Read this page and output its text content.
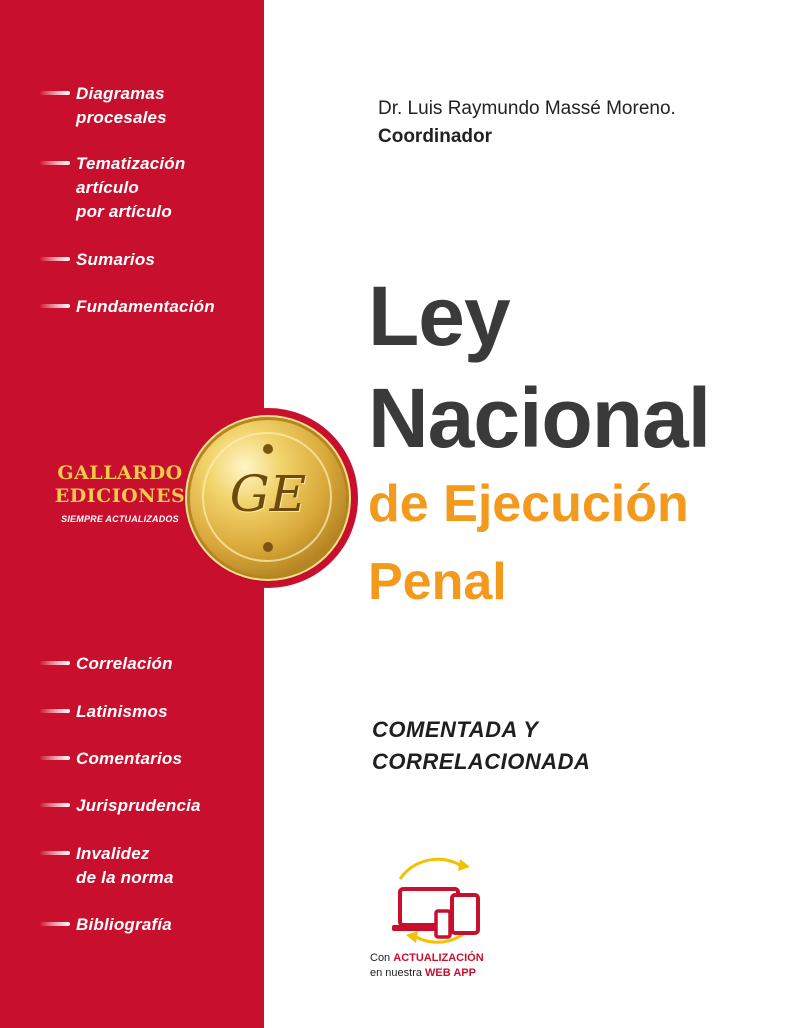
Diagramas
procesales
Tematización
artículo
por artículo
Sumarios
Fundamentación
GE
GALLARDO
EDICIONES
SIEMPRE ACTUALIZADOS
Correlación
Latinismos
Comentarios
Jurisprudencia
Invalidez
de la norma
Bibliografía
Dr. Luis Raymundo Massé Moreno.
Coordinador
Ley
Nacional
de Ejecución
Penal
COMENTADA Y
CORRELACIONADA
Con ACTUALIZACIÓN
en nuestra WEB APP
